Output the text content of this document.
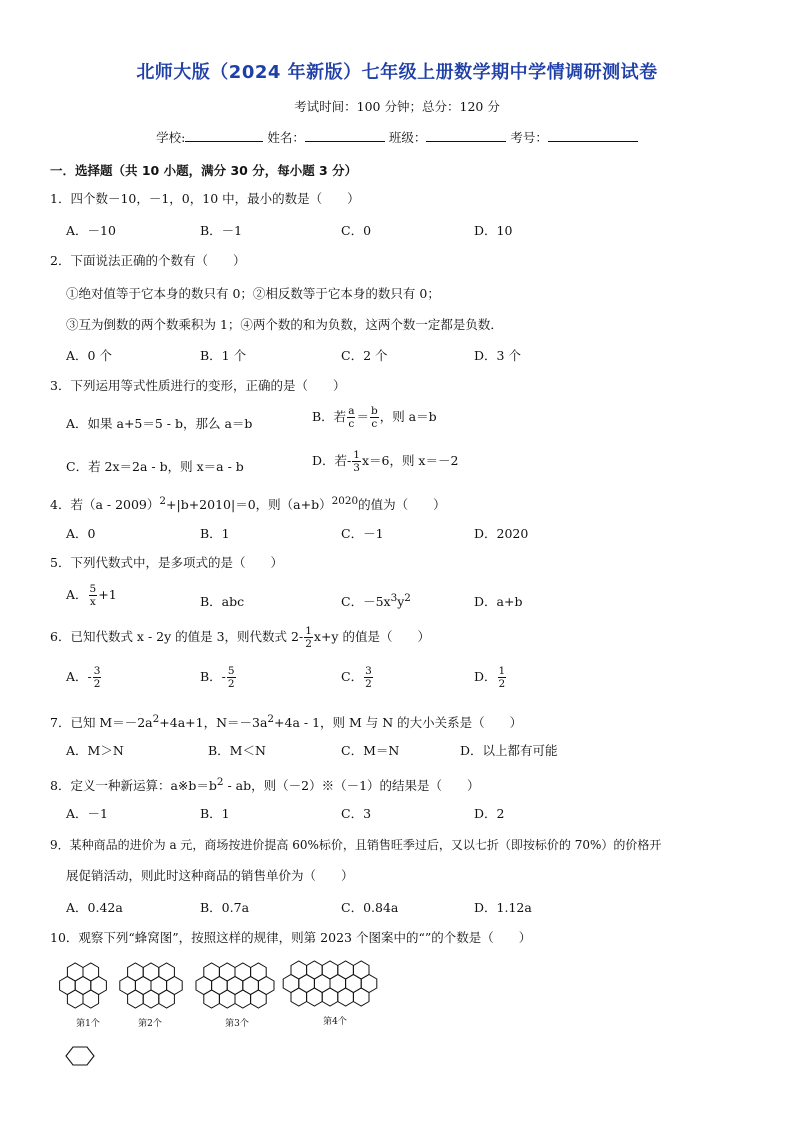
北师大版（2024 年新版）七年级上册数学期中学情调研测试卷
考试时间：100 分钟；总分：120 分
学校:	姓名：	班级：	考号：
一．选择题（共 10 小题，满分 30 分，每小题 3 分）
1．四个数－10，－1，0，10 中，最小的数是（　　）
A．－10	B．－1	C．0	D．10
2．下面说法正确的个数有（　　）
①绝对值等于它本身的数只有 0；②相反数等于它本身的数只有 0；
③互为倒数的两个数乘积为 1；④两个数的和为负数，这两个数一定都是负数．
A．0 个	B．1 个	C．2 个	D．3 个
3．下列运用等式性质进行的变形，正确的是（　　）
A．如果 a+5＝5 - b，那么 a＝b	B．若 $\frac{a}{c} = \frac{b}{c}$ ，则 a＝b
C．若 2x＝2a - b，则 x＝a - b	D．若- $\frac{1}{3} x=6$，则 x＝－2
4．若（a - 2009）$^2$+|b+2010|＝0，则$(a+b)^{2020}$的值为（　　）
A．0	B．1	C．－1	D．2020
5．下列代数式中，是多项式的是（　　）
A． $\frac{5}{x} +1$	B．abc	C．$-5x^3y^2$	D．a+b
6．已知代数式 x - 2y 的值是 3，则代数式 $2- \frac{1}{2} x+y$ 的值是（　　）
A．- $\frac{3}{2}$	B．- $\frac{5}{2}$	C． $\frac{3}{2}$	D． $\frac{1}{2}$
7．已知 $M=-2a^2+4a+1$，$N=-3a^2+4a - 1$，则 M 与 N 的大小关系是（　　）
A．M＞N	B．M＜N	C．M＝N	D．以上都有可能
8．定义一种新运算：$a※b=b^2$ - ab，则（－2）※（－1）的结果是（　　）
A．－1	B．1	C．3	D．2
9．某种商品的进价为 a 元，商场按进价提高 60%标价，且销售旺季过后，又以七折（即按标价的 70%）的价格开
展促销活动，则此时这种商品的销售单价为（　　）
A．0.42a	B．0.7a	C．0.84a	D．1.12a
10．观察下列“蜂窝图”，按照这样的规律，则第 2023 个图案中的“”的个数是（　　）
第1个	第2个	第3个	第4个
